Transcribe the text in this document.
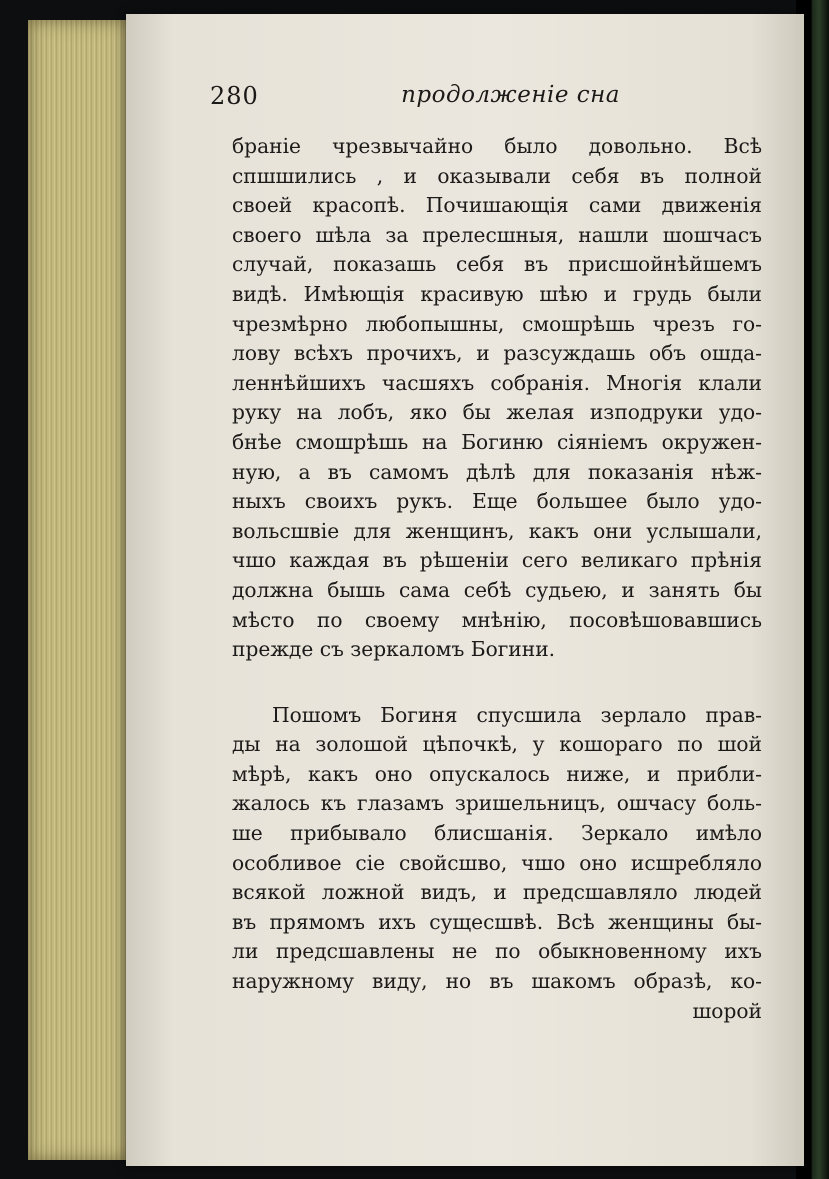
280	продолженіе сна
браніе чрезвычайно было довольно. Всѣ
спшшились , и оказывали себя въ полной
своей красопѣ. Почишающія сами движенія
своего шѣла за прелесшныя, нашли шошчасъ
случай, показашь себя въ присшойнѣйшемъ
видѣ. Имѣющія красивую шѣю и грудь были
чрезмѣрно любопышны, смошрѣшь чрезъ го-
лову всѣхъ прочихъ, и разсуждашь объ ошда-
леннѣйшихъ часшяхъ собранія. Многія клали
руку на лобъ, яко бы желая изподруки удо-
бнѣе смошрѣшь на Богиню сіяніемъ окружен-
ную, а въ самомъ дѣлѣ для показанія нѣж-
ныхъ своихъ рукъ. Еще большее было удо-
вольсшвіе для женщинъ, какъ они услышали,
чшо каждая въ рѣшеніи сего великаго прѣнія
должна бышь сама себѣ судьею, и занять бы
мѣсто по своему мнѣнію, посовѣшовавшись
прежде съ зеркаломъ Богини.
Пошомъ Богиня спусшила зерлало прав-
ды на золошой цѣпочкѣ, у кошораго по шой
мѣрѣ, какъ оно опускалось ниже, и прибли-
жалось къ глазамъ зришельницъ, ошчасу боль-
ше прибывало блисшанія. Зеркало имѣло
особливое сіе свойсшво, чшо оно исшребляло
всякой ложной видъ, и предсшавляло людей
въ прямомъ ихъ сущесшвѣ. Всѣ женщины бы-
ли предсшавлены не по обыкновенному ихъ
наружному виду, но въ шакомъ образѣ, ко-
шорой
